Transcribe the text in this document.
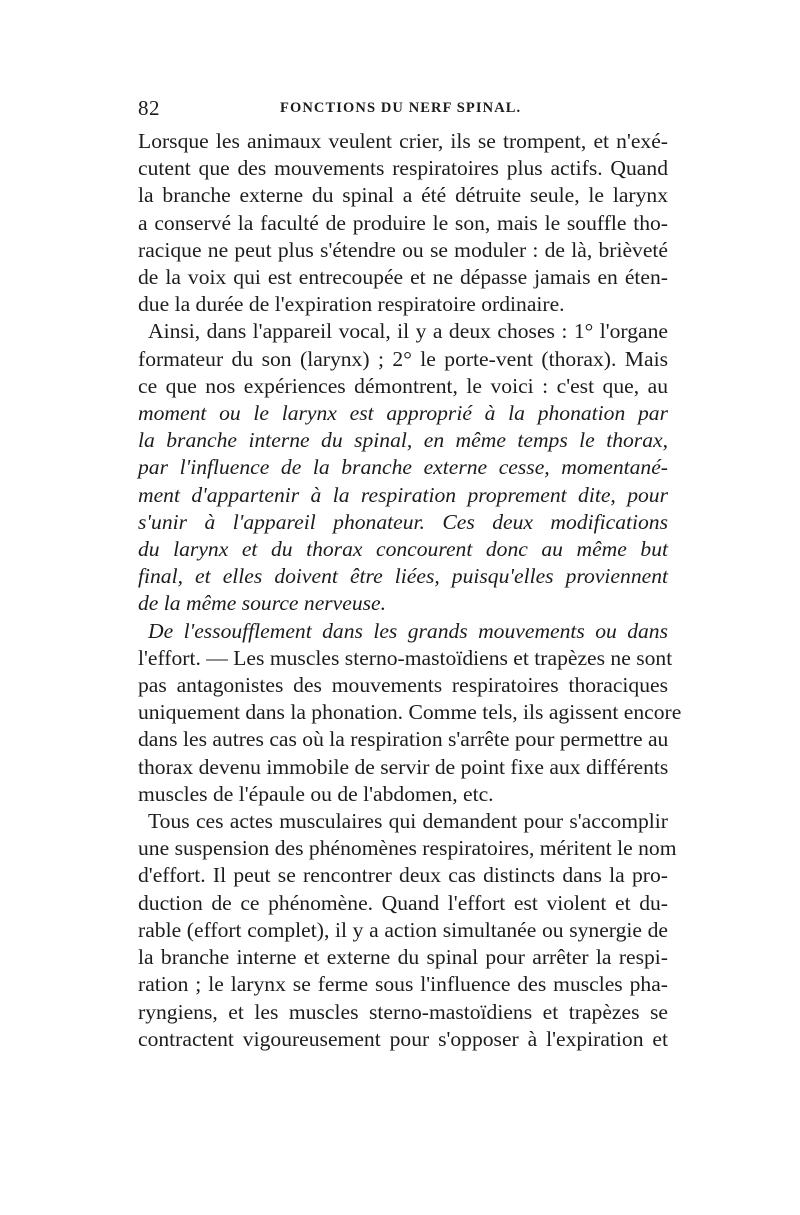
82	FONCTIONS DU NERF SPINAL.

Lorsque les animaux veulent crier, ils se trompent, et n'exé-
cutent que des mouvements respiratoires plus actifs. Quand
la branche externe du spinal a été détruite seule, le larynx
a conservé la faculté de produire le son, mais le souffle tho-
racique ne peut plus s'étendre ou se moduler : de là, brièveté
de la voix qui est entrecoupée et ne dépasse jamais en éten-
due la durée de l'expiration respiratoire ordinaire.

Ainsi, dans l'appareil vocal, il y a deux choses : 1° l'organe
formateur du son (larynx) ; 2° le porte-vent (thorax). Mais
ce que nos expériences démontrent, le voici : c'est que, au
moment ou le larynx est approprié à la phonation par
la branche interne du spinal, en même temps le thorax,
par l'influence de la branche externe cesse, momentané-
ment d'appartenir à la respiration proprement dite, pour
s'unir à l'appareil phonateur. Ces deux modifications
du larynx et du thorax concourent donc au même but
final, et elles doivent être liées, puisqu'elles proviennent
de la même source nerveuse.

De l'essoufflement dans les grands mouvements ou dans
l'effort. — Les muscles sterno-mastoïdiens et trapèzes ne sont
pas antagonistes des mouvements respiratoires thoraciques
uniquement dans la phonation. Comme tels, ils agissent encore
dans les autres cas où la respiration s'arrête pour permettre au
thorax devenu immobile de servir de point fixe aux différents
muscles de l'épaule ou de l'abdomen, etc.

Tous ces actes musculaires qui demandent pour s'accomplir
une suspension des phénomènes respiratoires, méritent le nom
d'effort. Il peut se rencontrer deux cas distincts dans la pro-
duction de ce phénomène. Quand l'effort est violent et du-
rable (effort complet), il y a action simultanée ou synergie de
la branche interne et externe du spinal pour arrêter la respi-
ration ; le larynx se ferme sous l'influence des muscles pha-
ryngiens, et les muscles sterno-mastoïdiens et trapèzes se
contractent vigoureusement pour s'opposer à l'expiration et
